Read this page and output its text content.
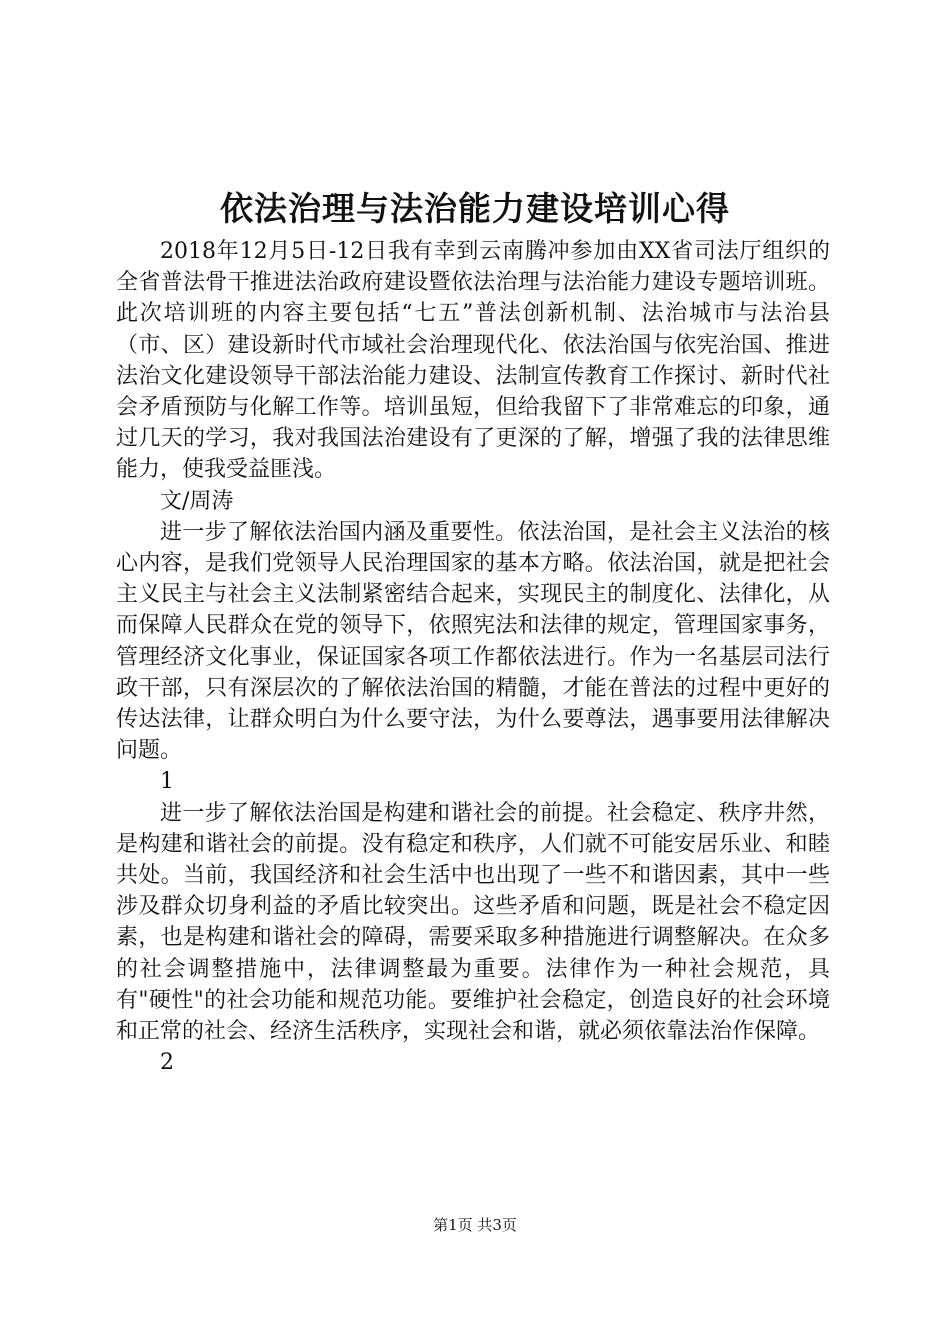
依法治理与法治能力建设培训心得

2018年12月5日-12日我有幸到云南腾冲参加由XX省司法厅组织的全省普法骨干推进法治政府建设暨依法治理与法治能力建设专题培训班。此次培训班的内容主要包括“七五”普法创新机制、法治城市与法治县（市、区）建设新时代市域社会治理现代化、依法治国与依宪治国、推进法治文化建设领导干部法治能力建设、法制宣传教育工作探讨、新时代社会矛盾预防与化解工作等。培训虽短，但给我留下了非常难忘的印象，通过几天的学习，我对我国法治建设有了更深的了解，增强了我的法律思维能力，使我受益匪浅。

文/周涛

进一步了解依法治国内涵及重要性。依法治国，是社会主义法治的核心内容，是我们党领导人民治理国家的基本方略。依法治国，就是把社会主义民主与社会主义法制紧密结合起来，实现民主的制度化、法律化，从而保障人民群众在党的领导下，依照宪法和法律的规定，管理国家事务，管理经济文化事业，保证国家各项工作都依法进行。作为一名基层司法行政干部，只有深层次的了解依法治国的精髓，才能在普法的过程中更好的传达法律，让群众明白为什么要守法，为什么要尊法，遇事要用法律解决问题。

1

进一步了解依法治国是构建和谐社会的前提。社会稳定、秩序井然，是构建和谐社会的前提。没有稳定和秩序，人们就不可能安居乐业、和睦共处。当前，我国经济和社会生活中也出现了一些不和谐因素，其中一些涉及群众切身利益的矛盾比较突出。这些矛盾和问题，既是社会不稳定因素，也是构建和谐社会的障碍，需要采取多种措施进行调整解决。在众多的社会调整措施中，法律调整最为重要。法律作为一种社会规范，具有"硬性"的社会功能和规范功能。要维护社会稳定，创造良好的社会环境和正常的社会、经济生活秩序，实现社会和谐，就必须依靠法治作保障。

2

第1页 共3页
